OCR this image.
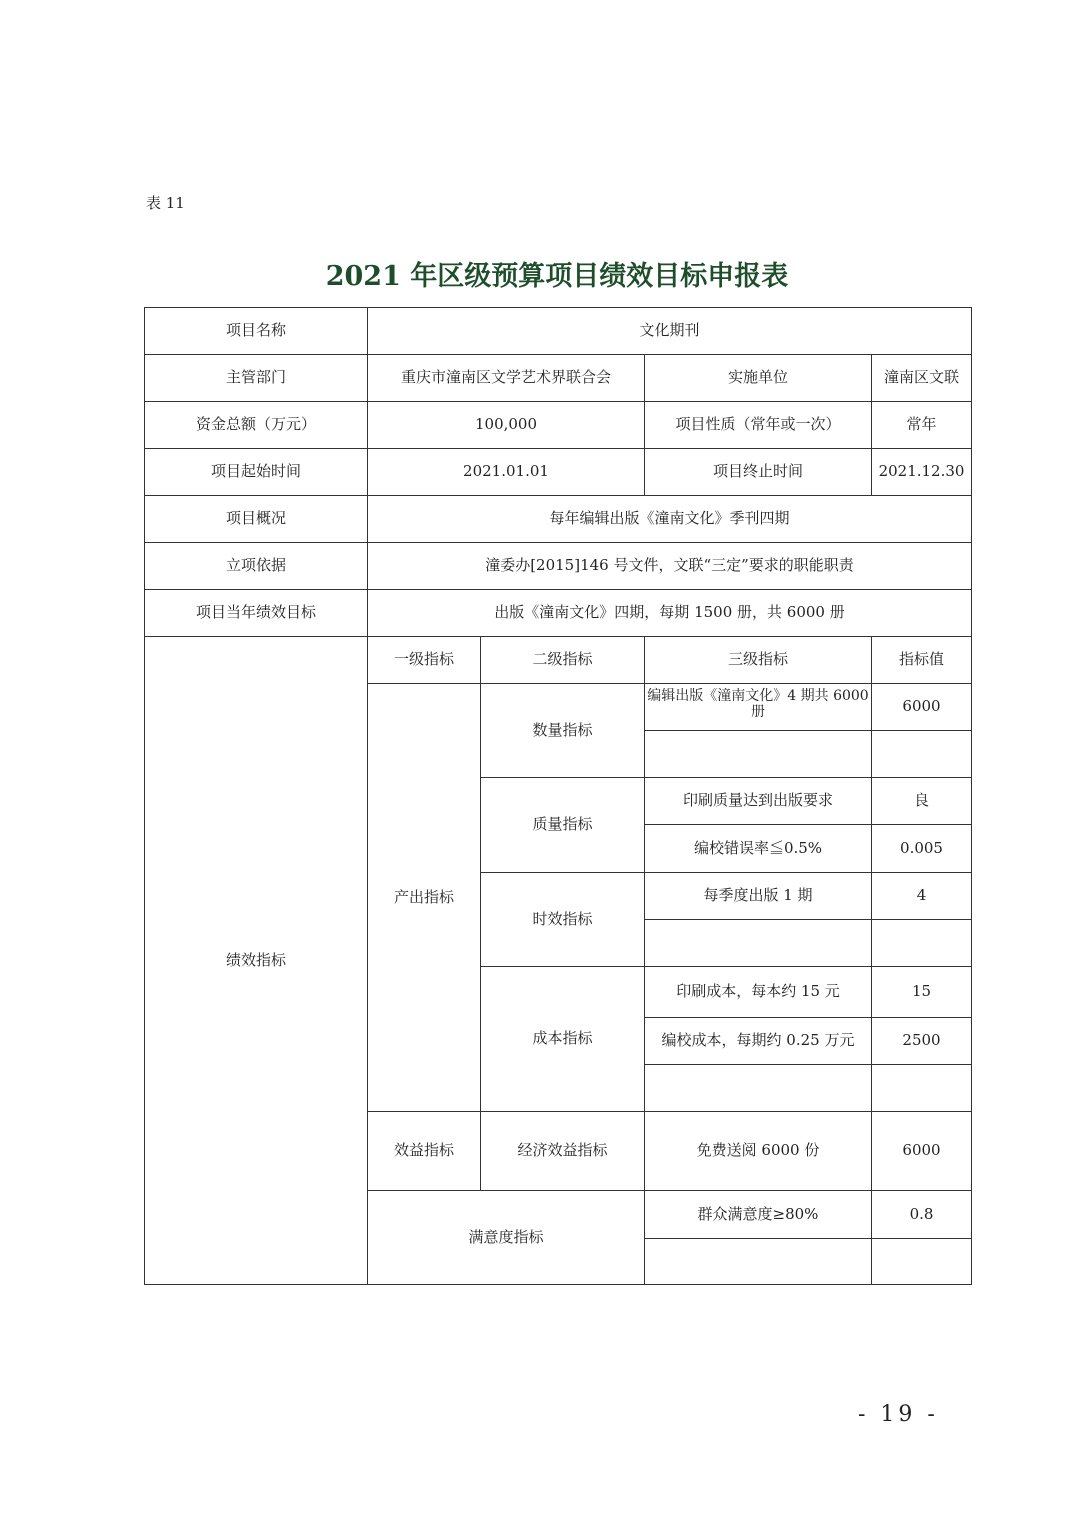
表 11
2021 年区级预算项目绩效目标申报表
项目名称	文化期刊			
主管部门	重庆市潼南区文学艺术界联合会		实施单位	潼南区文联
资金总额（万元）	100,000		项目性质（常年或一次）	常年
项目起始时间	2021.01.01		项目终止时间	2021.12.30
项目概况	每年编辑出版《潼南文化》季刊四期			
立项依据	潼委办[2015]146 号文件，文联“三定”要求的职能职责			
项目当年绩效目标	出版《潼南文化》四期，每期 1500 册，共 6000 册			
绩效指标	一级指标	二级指标	三级指标	指标值
	产出指标	数量指标	编辑出版《潼南文化》4 期共 6000 册	6000

		质量指标	印刷质量达到出版要求	良
			编校错误率≦0.5%	0.005
		时效指标	每季度出版 1 期	4

		成本指标	印刷成本，每本约 15 元	15
			编校成本，每期约 0.25 万元	2500

	效益指标	经济效益指标	免费送阅 6000 份	6000
	满意度指标		群众满意度≥80%	0.8

- 19 -
